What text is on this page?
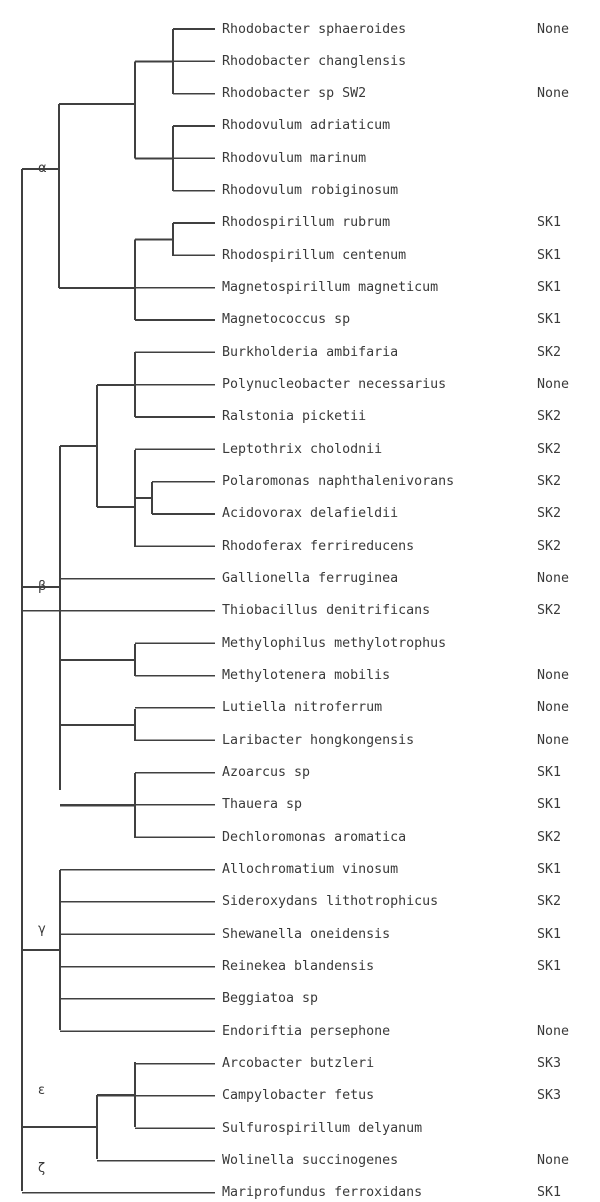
Rhodobacter sphaeroides
Rhodobacter changlensis
Rhodobacter sp SW2
Rhodovulum adriaticum
Rhodovulum marinum
Rhodovulum robiginosum
Rhodospirillum rubrum
Rhodospirillum centenum
Magnetospirillum magneticum
Magnetococcus sp
Burkholderia ambifaria
Polynucleobacter necessarius
Ralstonia picketii
Leptothrix cholodnii
Polaromonas naphthalenivorans
Acidovorax delafieldii
Rhodoferax ferrireducens
Gallionella ferruginea
Thiobacillus denitrificans
Methylophilus methylotrophus
Methylotenera mobilis
Lutiella nitroferrum
Laribacter hongkongensis
Azoarcus sp
Thauera sp
Dechloromonas aromatica
Allochromatium vinosum
Sideroxydans lithotrophicus
Shewanella oneidensis
Reinekea blandensis
Beggiatoa sp
Endoriftia persephone
Arcobacter butzleri
Campylobacter fetus
Sulfurospirillum delyanum
Wolinella succinogenes
Mariprofundus ferroxidans
None
None
SK1
SK1
SK1
SK1
SK2
None
SK2
SK2
SK2
SK2
SK2
None
SK2
None
None
None
SK1
SK1
SK2
SK1
SK2
SK1
SK1
None
SK3
SK3
None
SK1
α
β
γ
ε
ζ
